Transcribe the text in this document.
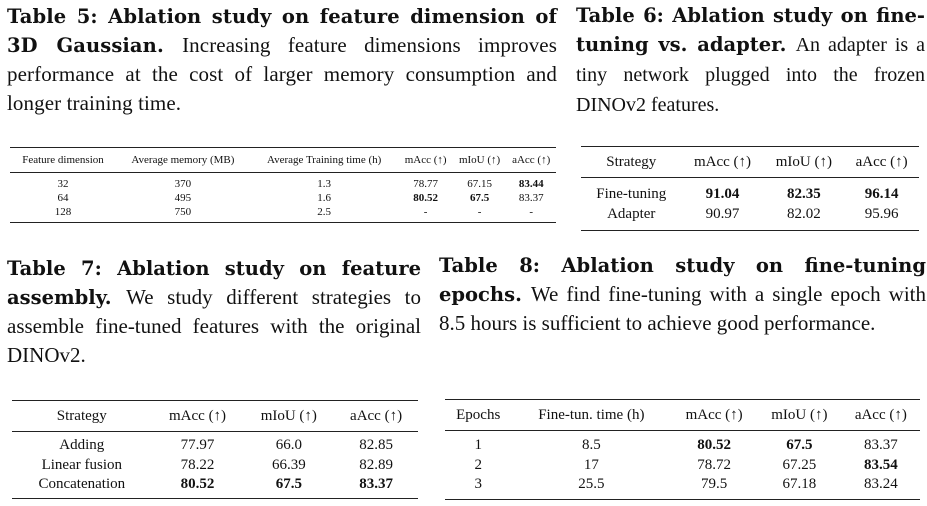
Table 5: Ablation study on feature dimension of 3D Gaussian. Increasing feature dimensions improves performance at the cost of larger memory consumption and longer training time.
Table 6: Ablation study on fine-tuning vs. adapter. An adapter is a tiny network plugged into the frozen DINOv2 features.
Feature dimension	Average memory (MB)	Average Training time (h)	mAcc (↑)	mIoU (↑)	aAcc (↑)
32	370	1.3	78.77	67.15	83.44
64	495	1.6	80.52	67.5	83.37
128	750	2.5	-	-	-
Strategy	mAcc (↑)	mIoU (↑)	aAcc (↑)
Fine-tuning	91.04	82.35	96.14
Adapter	90.97	82.02	95.96
Table 7: Ablation study on feature assembly. We study different strategies to assemble fine-tuned features with the original DINOv2.
Table 8: Ablation study on fine-tuning epochs. We find fine-tuning with a single epoch with 8.5 hours is sufficient to achieve good performance.
Strategy	mAcc (↑)	mIoU (↑)	aAcc (↑)
Adding	77.97	66.0	82.85
Linear fusion	78.22	66.39	82.89
Concatenation	80.52	67.5	83.37
Epochs	Fine-tun. time (h)	mAcc (↑)	mIoU (↑)	aAcc (↑)
1	8.5	80.52	67.5	83.37
2	17	78.72	67.25	83.54
3	25.5	79.5	67.18	83.24
